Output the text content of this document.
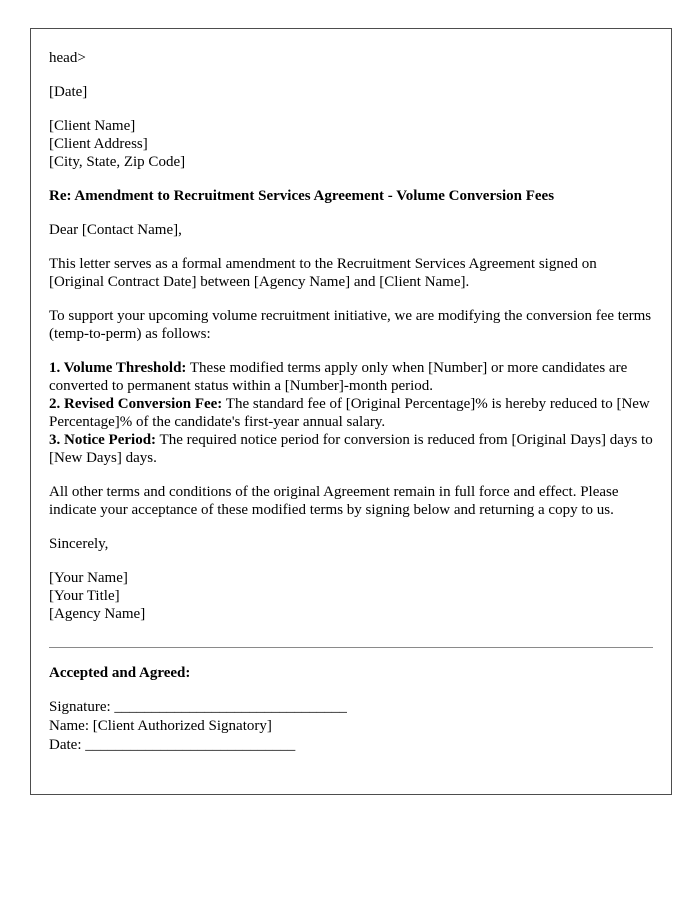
head>

[Date]

[Client Name]
[Client Address]
[City, State, Zip Code]

Re: Amendment to Recruitment Services Agreement - Volume Conversion Fees

Dear [Contact Name],

This letter serves as a formal amendment to the Recruitment Services Agreement signed on [Original Contract Date] between [Agency Name] and [Client Name].

To support your upcoming volume recruitment initiative, we are modifying the conversion fee terms (temp-to-perm) as follows:

1. Volume Threshold: These modified terms apply only when [Number] or more candidates are converted to permanent status within a [Number]-month period.
2. Revised Conversion Fee: The standard fee of [Original Percentage]% is hereby reduced to [New Percentage]% of the candidate's first-year annual salary.
3. Notice Period: The required notice period for conversion is reduced from [Original Days] days to [New Days] days.

All other terms and conditions of the original Agreement remain in full force and effect. Please indicate your acceptance of these modified terms by signing below and returning a copy to us.

Sincerely,

[Your Name]
[Your Title]
[Agency Name]

Accepted and Agreed:

Signature: _______________________________
Name: [Client Authorized Signatory]
Date: ____________________________
